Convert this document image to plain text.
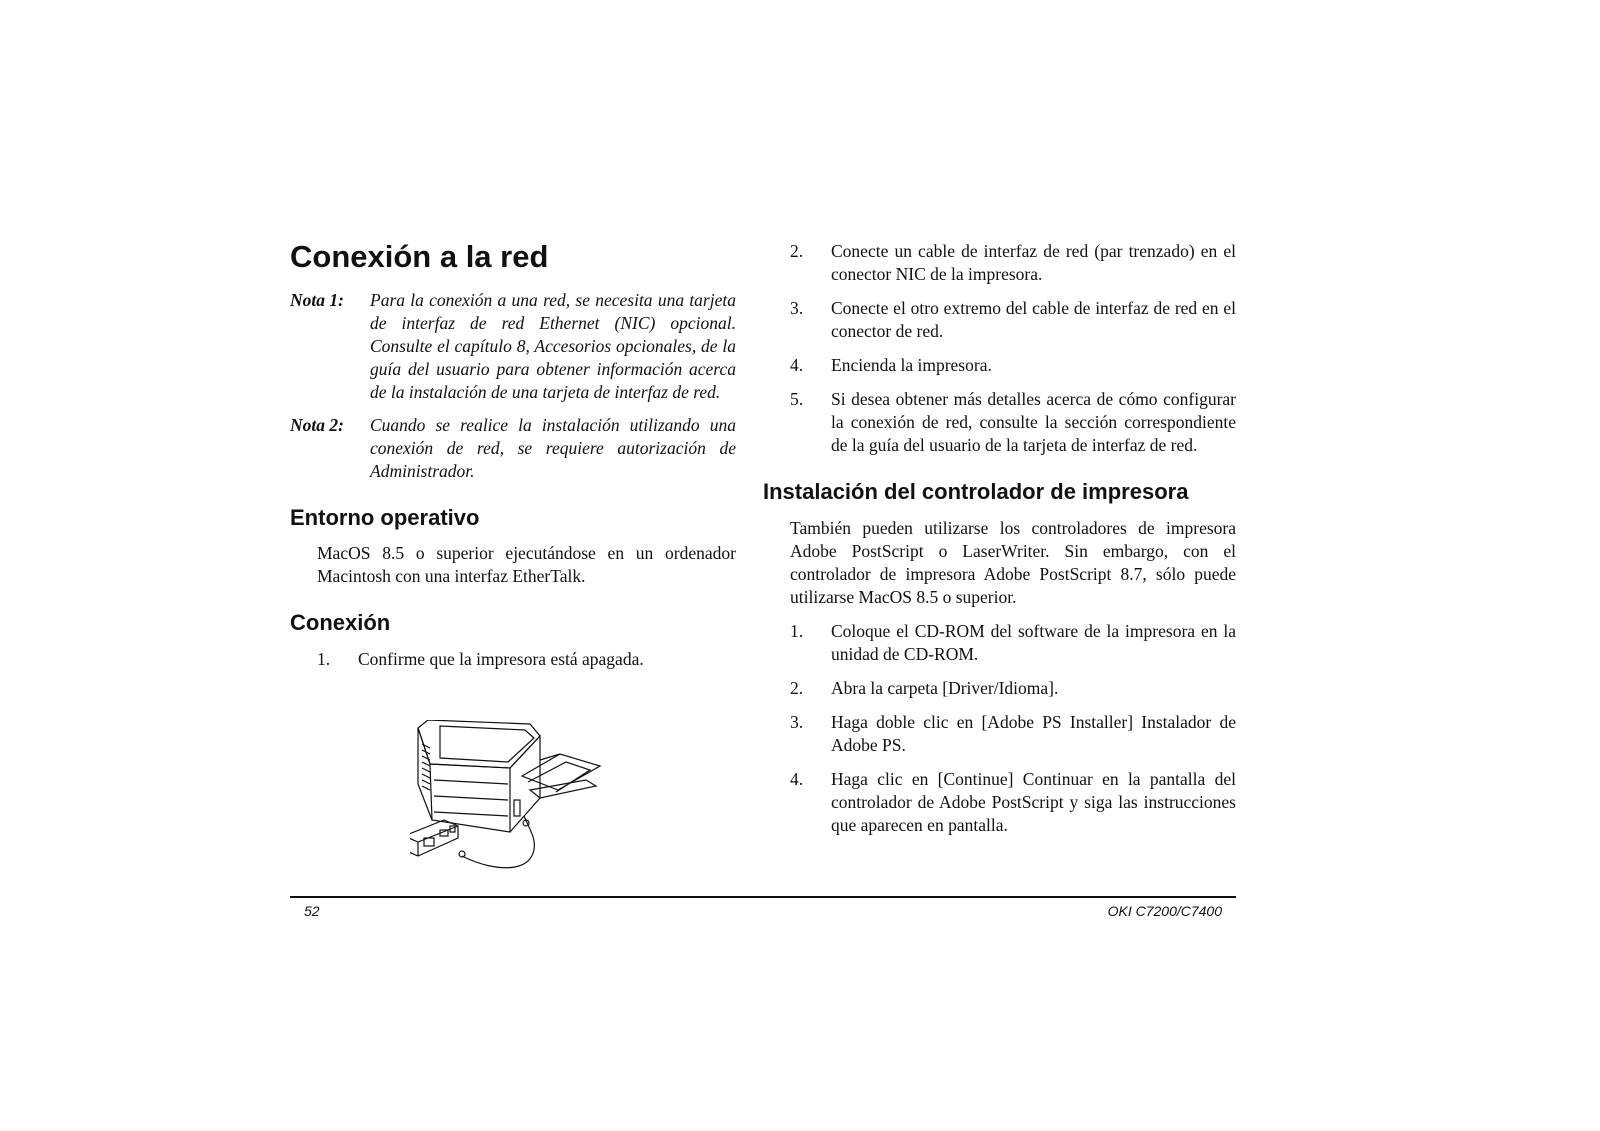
Conexión a la red
Nota 1:	Para la conexión a una red, se necesita una tarjeta de interfaz de red Ethernet (NIC) opcional. Consulte el capítulo 8, Accesorios opcionales, de la guía del usuario para obtener información acerca de la instalación de una tarjeta de interfaz de red.
Nota 2:	Cuando se realice la instalación utilizando una conexión de red, se requiere autorización de Administrador.
Entorno operativo
MacOS 8.5 o superior ejecutándose en un ordenador Macintosh con una interfaz EtherTalk.
Conexión
1.	Confirme que la impresora está apagada.
2.	Conecte un cable de interfaz de red (par trenzado) en el conector NIC de la impresora.
3.	Conecte el otro extremo del cable de interfaz de red en el conector de red.
4.	Encienda la impresora.
5.	Si desea obtener más detalles acerca de cómo configurar la conexión de red, consulte la sección correspondiente de la guía del usuario de la tarjeta de interfaz de red.
Instalación del controlador de impresora
También pueden utilizarse los controladores de impresora Adobe PostScript o LaserWriter. Sin embargo, con el controlador de impresora Adobe PostScript 8.7, sólo puede utilizarse MacOS 8.5 o superior.
1.	Coloque el CD-ROM del software de la impresora en la unidad de CD-ROM.
2.	Abra la carpeta [Driver/Idioma].
3.	Haga doble clic en [Adobe PS Installer] Instalador de Adobe PS.
4.	Haga clic en [Continue] Continuar en la pantalla del controlador de Adobe PostScript y siga las instrucciones que aparecen en pantalla.
52	OKI C7200/C7400
